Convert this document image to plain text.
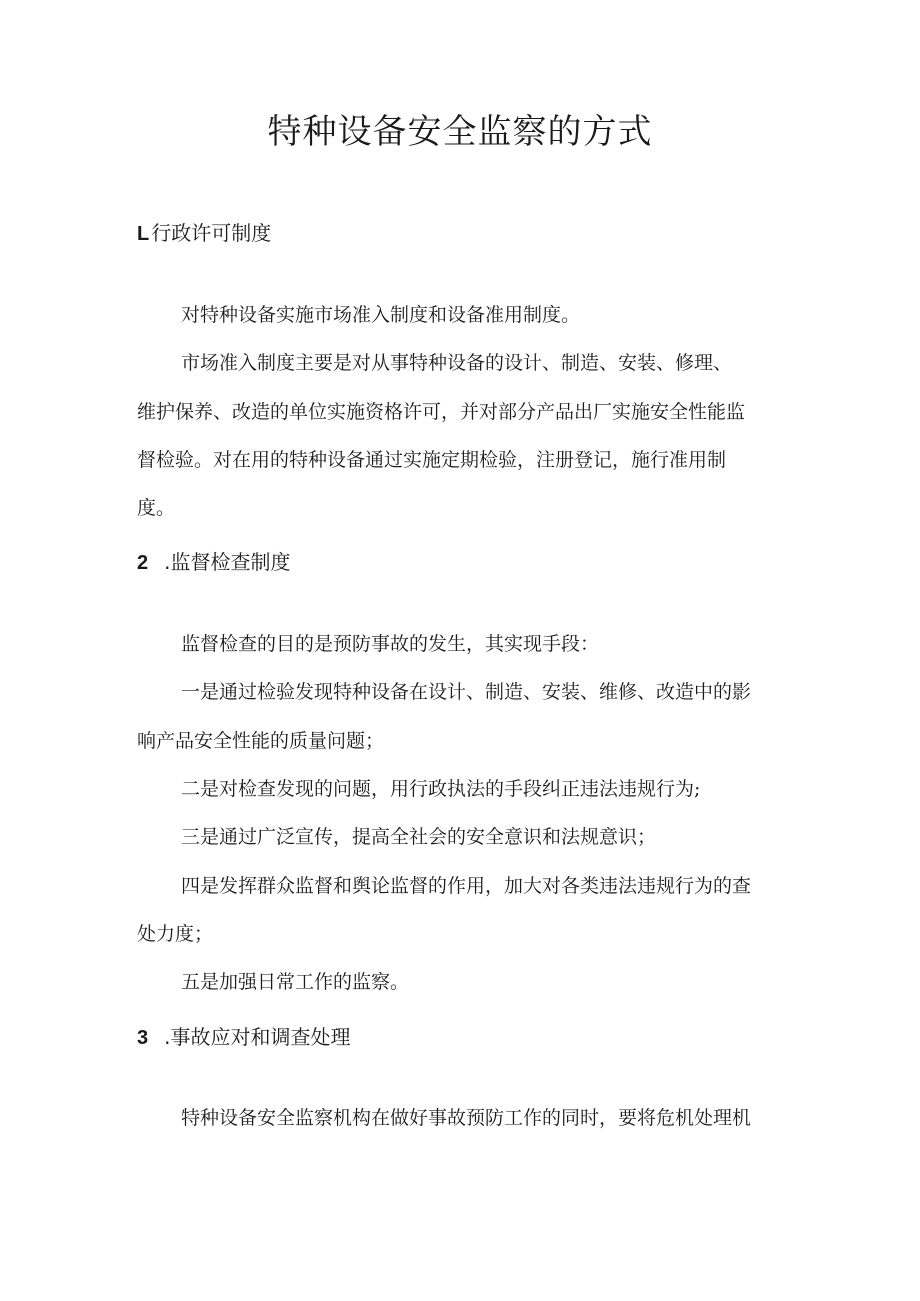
特种设备安全监察的方式
L 行政许可制度
对特种设备实施市场准入制度和设备准用制度。
市场准入制度主要是对从事特种设备的设计、制造、安装、修理、
维护保养、改造的单位实施资格许可，并对部分产品出厂实施安全性能监
督检验。对在用的特种设备通过实施定期检验，注册登记，施行准用制
度。
2 .监督检查制度
监督检查的目的是预防事故的发生，其实现手段：
一是通过检验发现特种设备在设计、制造、安装、维修、改造中的影
响产品安全性能的质量问题；
二是对检查发现的问题，用行政执法的手段纠正违法违规行为;
三是通过广泛宣传，提高全社会的安全意识和法规意识；
四是发挥群众监督和舆论监督的作用，加大对各类违法违规行为的查
处力度；
五是加强日常工作的监察。
3 .事故应对和调查处理
特种设备安全监察机构在做好事故预防工作的同时，要将危机处理机
